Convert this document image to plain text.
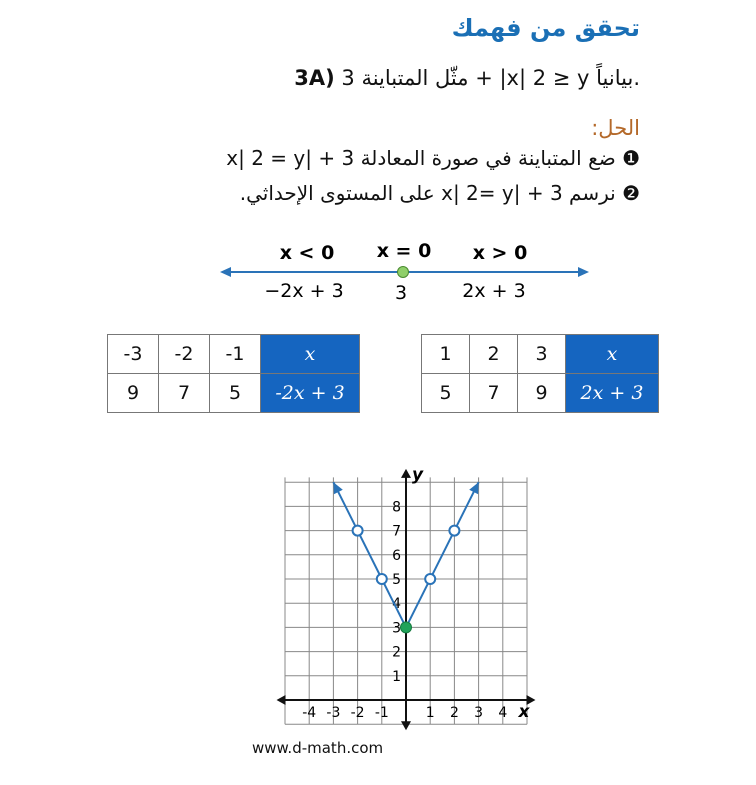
تحقق من فهمك
3A) مثّل المتباينة 3 + |x| 2 ≥ y بيانياً.
الحل:
❶ ضع المتباينة في صورة المعادلة 3 + |x| 2 = y
❷ نرسم 3 + |x| 2= y على المستوى الإحداثي.
x < 0 x = 0 x > 0
−2x + 3	3	2x + 3
-3	-2	-1	x
9	7	5	-2x + 3
1	2	3	x
5	7	9	2x + 3
x
y
-4 -3 -2 -1	1 2 3 4
1
2
3
4
5
6
7
8
www.d-math.com
